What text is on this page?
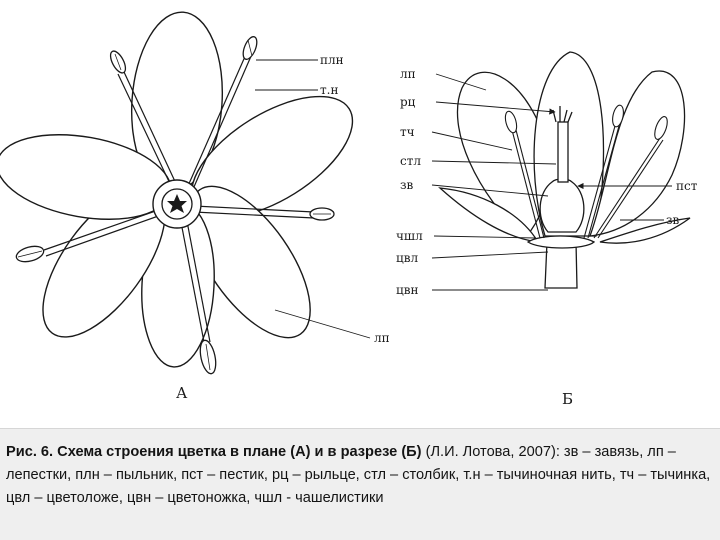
плн
т.н
лп
А
лп
рц
тч
стл
зв	пст
зв
чшл
цвл
цвн
Б
Рис. 6. Схема строения цветка в плане (А) и в разрезе (Б) (Л.И. Лотова, 2007): зв – завязь, лп – лепестки, плн – пыльник, пст – пестик, рц – рыльце, стл – столбик, т.н – тычиночная нить, тч – тычинка, цвл – цветоложе, цвн – цветоножка, чшл - чашелистики
